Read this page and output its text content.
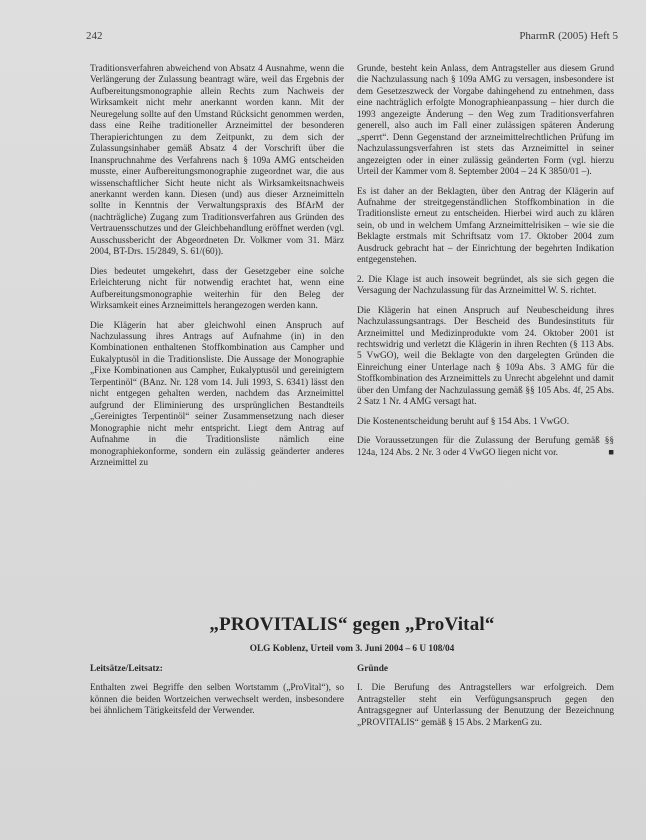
242	PharmR (2005) Heft 5

Traditionsverfahren abweichend von Absatz 4 Ausnahme, wenn die Verlängerung der Zulassung beantragt wäre, weil das Ergebnis der Aufbereitungsmonographie allein Rechts zum Nachweis der Wirksamkeit nicht mehr anerkannt worden kann. Mit der Neuregelung sollte auf den Umstand Rücksicht genommen werden, dass eine Reihe traditioneller Arzneimittel der besonderen Therapierichtungen zu dem Zeitpunkt, zu dem sich der Zulassungsinhaber gemäß Absatz 4 der Vorschrift über die Inanspruchnahme des Verfahrens nach § 109a AMG entscheiden musste, einer Aufbereitungsmonographie zugeordnet war, die aus wissenschaftlicher Sicht heute nicht als Wirksamkeitsnachweis anerkannt werden kann. Diesen (und) aus dieser Arzneimitteln sollte in Kenntnis der Verwaltungspraxis des BfArM der (nachträgliche) Zugang zum Traditionsverfahren aus Gründen des Vertrauensschutzes und der Gleichbehandlung eröffnet werden (vgl. Ausschussbericht der Abgeordneten Dr. Volkmer vom 31. März 2004, BT-Drs. 15/2849, S. 61/(60)).

Dies bedeutet umgekehrt, dass der Gesetzgeber eine solche Erleichterung nicht für notwendig erachtet hat, wenn eine Aufbereitungsmonographie weiterhin für den Beleg der Wirksamkeit eines Arzneimittels herangezogen werden kann.

Die Klägerin hat aber gleichwohl einen Anspruch auf Nachzulassung ihres Antrags auf Aufnahme (in) in den Kombinationen enthaltenen Stoffkombination aus Campher und Eukalyptusöl in die Traditionsliste. Die Aussage der Monographie „Fixe Kombinationen aus Campher, Eukalyptusöl und gereinigtem Terpentinöl“ (BAnz. Nr. 128 vom 14. Juli 1993, S. 6341) lässt den nicht entgegen gehalten werden, nachdem das Arzneimittel aufgrund der Eliminierung des ursprünglichen Bestandteils „Gereinigtes Terpentinöl“ seiner Zusammensetzung nach dieser Monographie nicht mehr entspricht. Liegt dem Antrag auf Aufnahme in die Traditionsliste nämlich eine monographiekonforme, sondern ein zulässig geänderter anderes Arzneimittel zu

Grunde, besteht kein Anlass, dem Antragsteller aus diesem Grund die Nachzulassung nach § 109a AMG zu versagen, insbesondere ist dem Gesetzeszweck der Vorgabe dahingehend zu entnehmen, dass eine nachträglich erfolgte Monographieanpassung – hier durch die 1993 angezeigte Änderung – den Weg zum Traditionsverfahren generell, also auch im Fall einer zulässigen späteren Änderung „sperrt“. Denn Gegenstand der arzneimittelrechtlichen Prüfung im Nachzulassungsverfahren ist stets das Arzneimittel in seiner angezeigten oder in einer zulässig geänderten Form (vgl. hierzu Urteil der Kammer vom 8. September 2004 – 24 K 3850/01 –).

Es ist daher an der Beklagten, über den Antrag der Klägerin auf Aufnahme der streitgegenständlichen Stoffkombination in die Traditionsliste erneut zu entscheiden. Hierbei wird auch zu klären sein, ob und in welchem Umfang Arzneimittelrisiken – wie sie die Beklagte erstmals mit Schriftsatz vom 17. Oktober 2004 zum Ausdruck gebracht hat – der Einrichtung der begehrten Indikation entgegenstehen.

2. Die Klage ist auch insoweit begründet, als sie sich gegen die Versagung der Nachzulassung für das Arzneimittel W. S. richtet.

Die Klägerin hat einen Anspruch auf Neubescheidung ihres Nachzulassungsantrags. Der Bescheid des Bundesinstituts für Arzneimittel und Medizinprodukte vom 24. Oktober 2001 ist rechtswidrig und verletzt die Klägerin in ihren Rechten (§ 113 Abs. 5 VwGO), weil die Beklagte von den dargelegten Gründen die Einreichung einer Unterlage nach § 109a Abs. 3 AMG für die Stoffkombination des Arzneimittels zu Unrecht abgelehnt und damit über den Umfang der Nachzulassung gemäß §§ 105 Abs. 4f, 25 Abs. 2 Satz 1 Nr. 4 AMG versagt hat.

Die Kostenentscheidung beruht auf § 154 Abs. 1 VwGO.

Die Voraussetzungen für die Zulassung der Berufung gemäß §§ 124a, 124 Abs. 2 Nr. 3 oder 4 VwGO liegen nicht vor.	■

„PROVITALIS“ gegen „ProVital“
OLG Koblenz, Urteil vom 3. Juni 2004 – 6 U 108/04

Leitsätze/Leitsatz:

Enthalten zwei Begriffe den selben Wortstamm („ProVital“), so können die beiden Wortzeichen verwechselt werden, insbesondere bei ähnlichem Tätigkeitsfeld der Verwender.

Gründe

I. Die Berufung des Antragstellers war erfolgreich. Dem Antragsteller steht ein Verfügungsanspruch gegen den Antragsgegner auf Unterlassung der Benutzung der Bezeichnung „PROVITALIS“ gemäß § 15 Abs. 2 MarkenG zu.
